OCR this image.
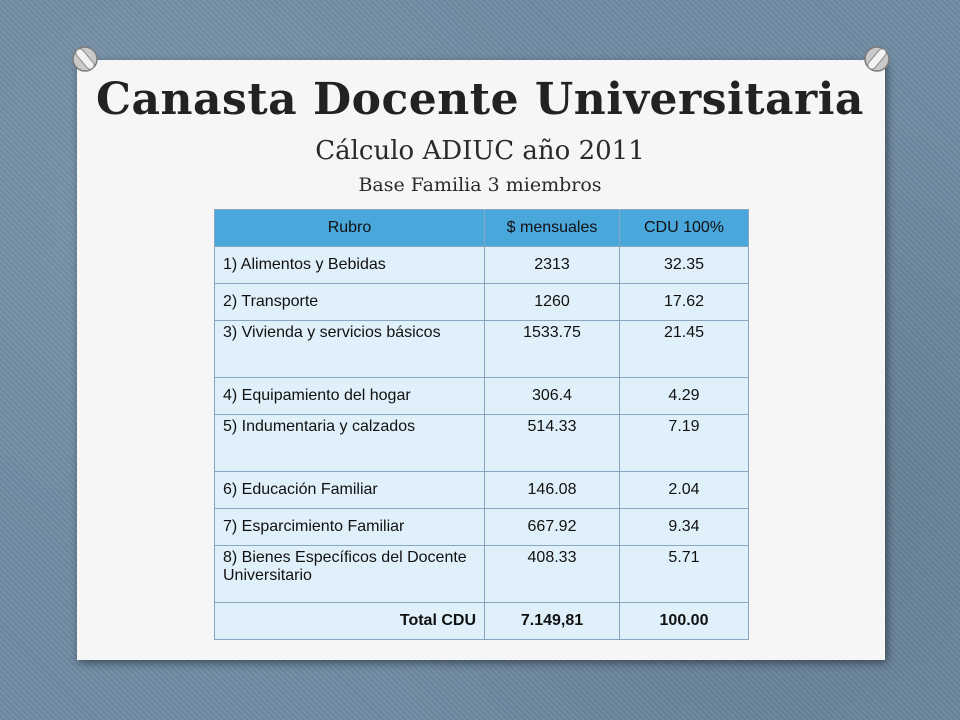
Canasta Docente Universitaria
Cálculo ADIUC año 2011
Base Familia 3 miembros
Rubro	$ mensuales	CDU 100%
1) Alimentos y Bebidas	2313	32.35
2) Transporte	1260	17.62
3) Vivienda y servicios básicos	1533.75	21.45
4) Equipamiento del hogar	306.4	4.29
5) Indumentaria y calzados	514.33	7.19
6) Educación Familiar	146.08	2.04
7) Esparcimiento Familiar	667.92	9.34
8) Bienes Específicos del Docente Universitario	408.33	5.71
Total CDU	7.149,81	100.00
